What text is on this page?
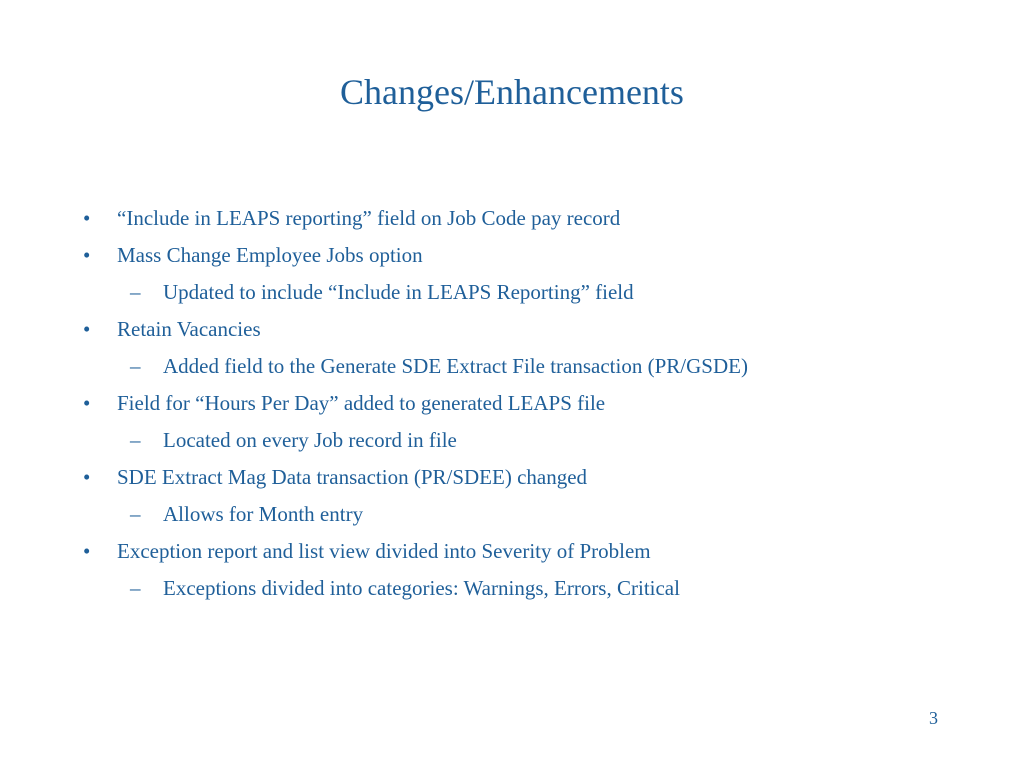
Changes/Enhancements
• “Include in LEAPS reporting” field on Job Code pay record
• Mass Change Employee Jobs option
– Updated to include “Include in LEAPS Reporting” field
• Retain Vacancies
– Added field to the Generate SDE Extract File transaction (PR/GSDE)
• Field for “Hours Per Day” added to generated LEAPS file
– Located on every Job record in file
• SDE Extract Mag Data transaction (PR/SDEE) changed
– Allows for Month entry
• Exception report and list view divided into Severity of Problem
– Exceptions divided into categories: Warnings, Errors, Critical
3
